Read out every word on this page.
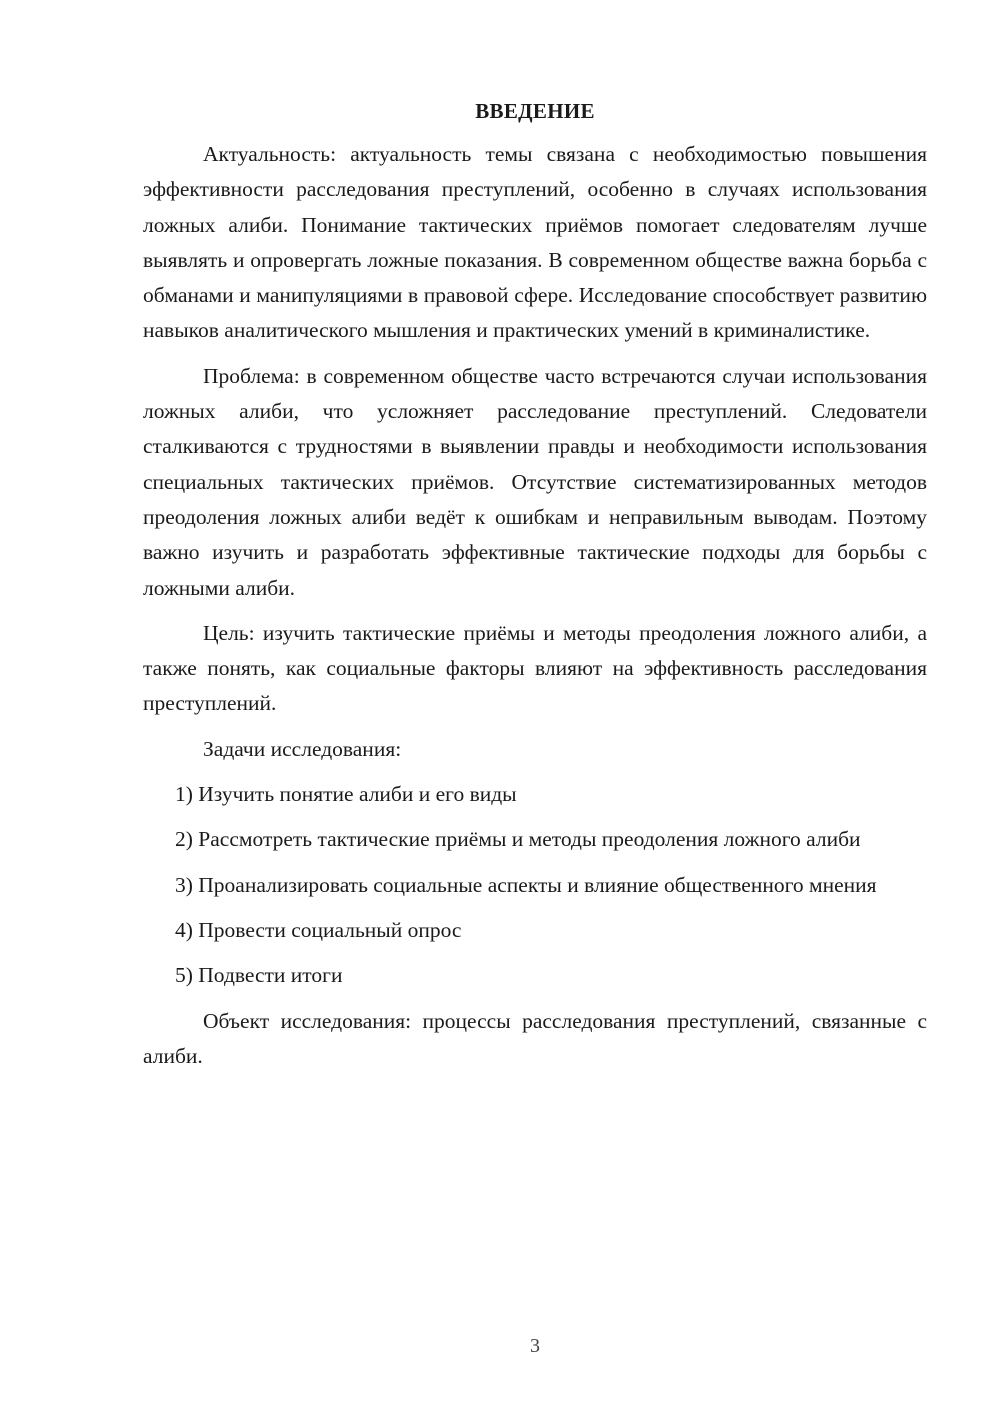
ВВЕДЕНИЕ

Актуальность: актуальность темы связана с необходимостью повышения эффективности расследования преступлений, особенно в случаях использования ложных алиби. Понимание тактических приёмов помогает следователям лучше выявлять и опровергать ложные показания. В современном обществе важна борьба с обманами и манипуляциями в правовой сфере. Исследование способствует развитию навыков аналитического мышления и практических умений в криминалистике.

Проблема: в современном обществе часто встречаются случаи использования ложных алиби, что усложняет расследование преступлений. Следователи сталкиваются с трудностями в выявлении правды и необходимости использования специальных тактических приёмов. Отсутствие систематизированных методов преодоления ложных алиби ведёт к ошибкам и неправильным выводам. Поэтому важно изучить и разработать эффективные тактические подходы для борьбы с ложными алиби.

Цель: изучить тактические приёмы и методы преодоления ложного алиби, а также понять, как социальные факторы влияют на эффективность расследования преступлений.

Задачи исследования:

1) Изучить понятие алиби и его виды

2) Рассмотреть тактические приёмы и методы преодоления ложного алиби

3) Проанализировать социальные аспекты и влияние общественного мнения

4) Провести социальный опрос

5) Подвести итоги

Объект исследования: процессы расследования преступлений, связанные с алиби.

3
